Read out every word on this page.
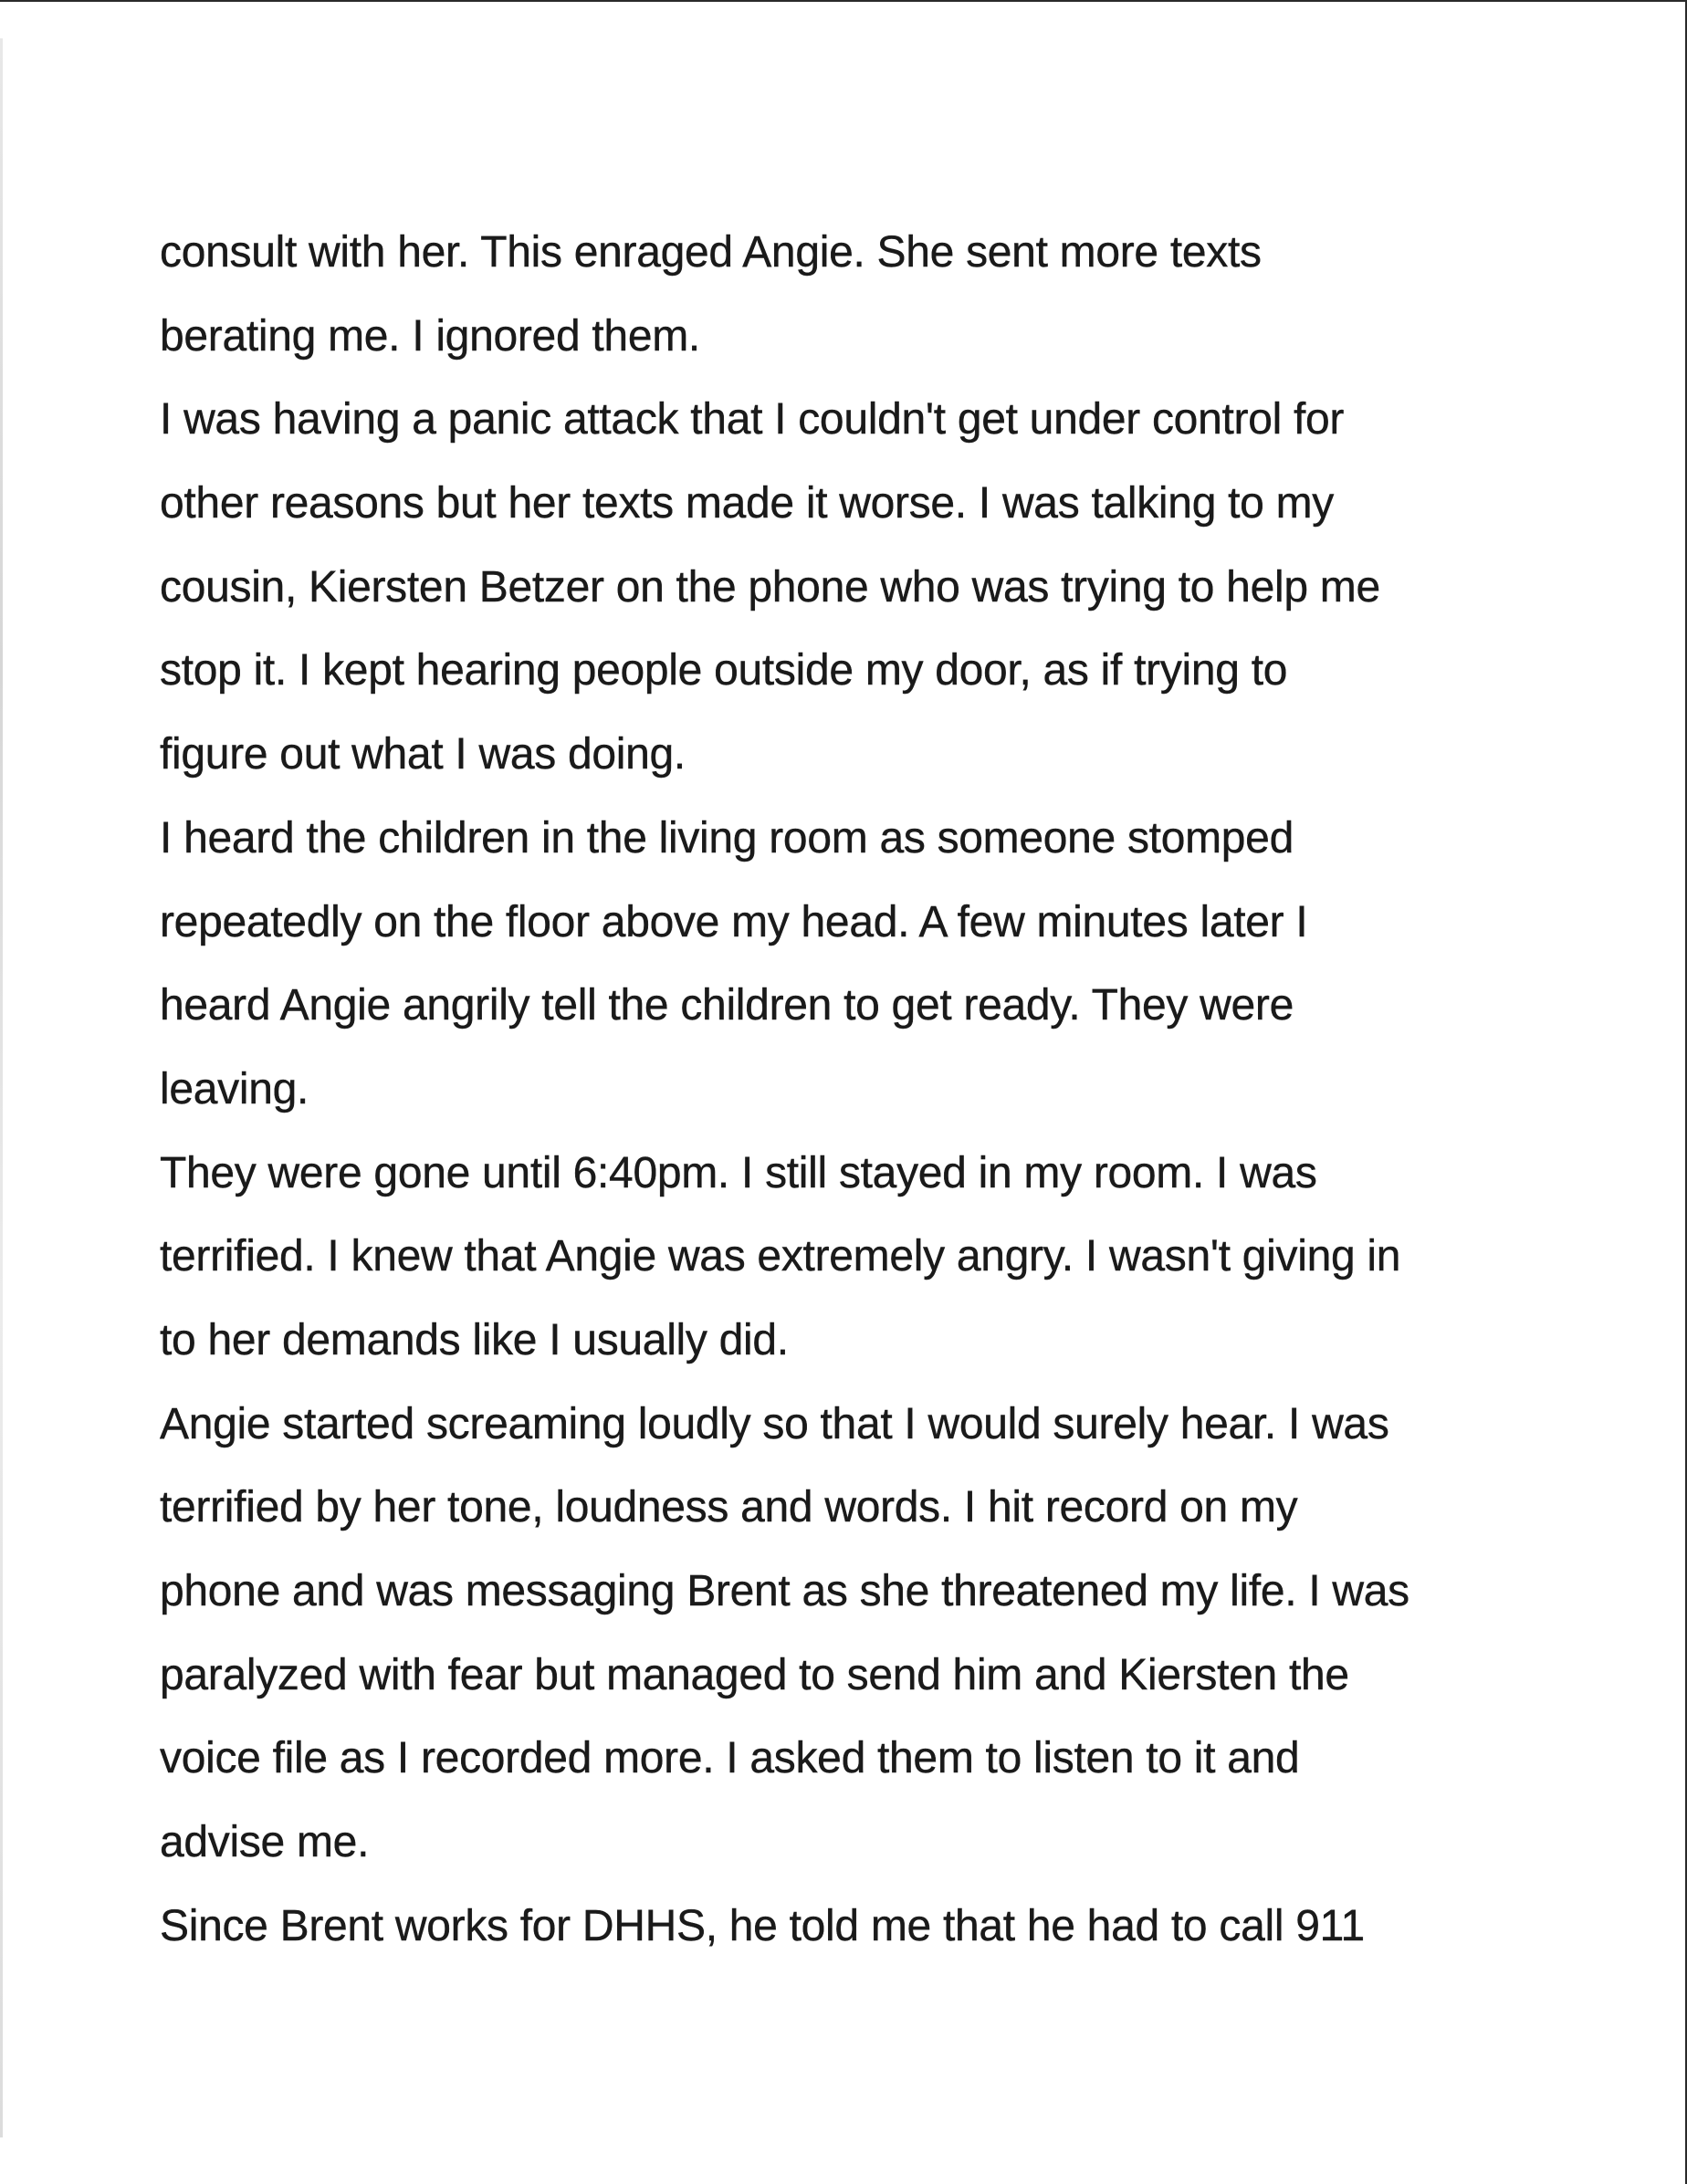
consult with her. This enraged Angie. She sent more texts
berating me. I ignored them.
I was having a panic attack that I couldn't get under control for
other reasons but her texts made it worse. I was talking to my
cousin, Kiersten Betzer on the phone who was trying to help me
stop it. I kept hearing people outside my door, as if trying to
figure out what I was doing.
I heard the children in the living room as someone stomped
repeatedly on the floor above my head. A few minutes later I
heard Angie angrily tell the children to get ready. They were
leaving.
They were gone until 6:40pm. I still stayed in my room. I was
terrified. I knew that Angie was extremely angry. I wasn't giving in
to her demands like I usually did.
Angie started screaming loudly so that I would surely hear. I was
terrified by her tone, loudness and words. I hit record on my
phone and was messaging Brent as she threatened my life. I was
paralyzed with fear but managed to send him and Kiersten the
voice file as I recorded more. I asked them to listen to it and
advise me.
Since Brent works for DHHS, he told me that he had to call 911
